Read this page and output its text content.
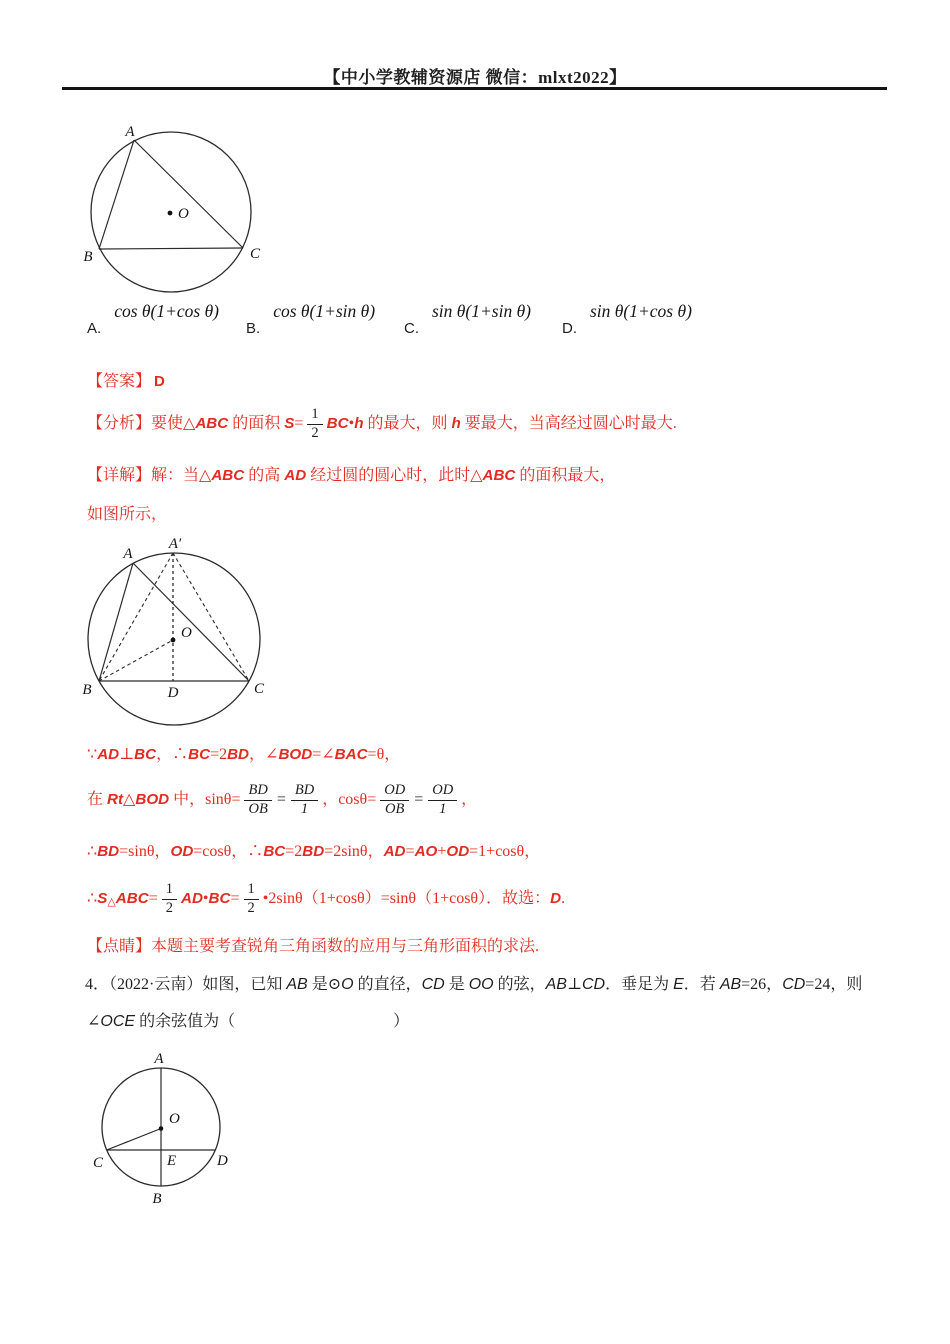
【中小学教辅资源店 微信：mlxt2022】
A
B	C
O
A. cos θ(1+cos θ)
B. cos θ(1+sin θ)
C. sin θ(1+sin θ)
D. sin θ(1+cos θ)
【答案】 D
【分析】 要使△ABC 的面积 $S= \frac{1}{2}$ BC•h 的最大，则 h 要最大，当高经过圆心时最大.
【详解】解：当△ABC 的高 AD 经过圆的圆心时，此时△ABC 的面积最大，
如图所示，
A′
A
B	C
D
O
∵AD⊥BC，∴BC=2BD，∠BOD=∠BAC=θ，
在 Rt△BOD 中，$\sin\theta= \frac{BD}{OB} = \frac{BD}{1}$ ，$\cos\theta= \frac{OD}{OB} = \frac{OD}{1}$ ，
∴BD=sinθ，OD=cosθ，∴BC=2BD=2sinθ，AD=AO+OD=1+cosθ，
∴S △ $ABC= \frac{1}{2}$ AD•BC= $\frac{1}{2}$ •2sinθ（1+cosθ）=sinθ（1+cosθ）．故选：D.
【点睛】本题主要考查锐角三角函数的应用与三角形面积的求法.
4．（2022·云南）如图，已知 AB 是⊙O 的直径，CD 是 OO 的弦，AB⊥CD．垂足为 E．若 AB=26，CD=24，则
∠OCE 的余弦值为（	）
A
B
C	D
E
O
